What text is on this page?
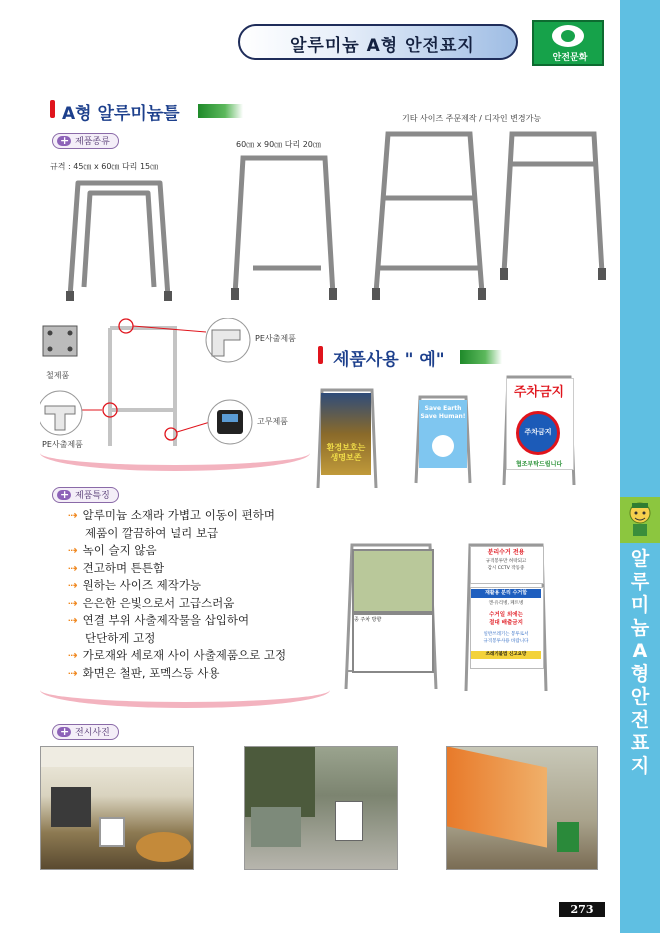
알루미늄 A형 안전표지
안전문화
알
루
미
늄
A
형
안
전
표
지
A형 알루미늄틀
+
제품종류
규격 : 45㎝ x 60㎝ 다리 15㎝
60㎝ x 90㎝ 다리 20㎝
기타 사이즈 주문제작 / 디자인 변경가능
철제품
PE사출제품
PE사출제품
고무제품
제품사용 " 예"
환경보호는 생명보존
Save Earth
Save Human!
주차금지
주차금지
협조부탁드립니다
종 주차 방향
분리수거 전용
규격봉투만 허락되고
감시 CCTV 작동중
재활용 분리 수거함
캔·유리병, 페트병
수거일 외에는
절대 배출금지
일반쓰레기는 봉투로서
규격봉투사용 바랍니다
쓰레기불법 신고요망
+
제품특징
⇢ 알루미늄 소재라 가볍고 이동이 편하며
제품이 깔끔하여 널리 보급
⇢ 녹이 슬지 않음
⇢ 견고하며 튼튼함
⇢ 원하는 사이즈 제작가능
⇢ 은은한 은빛으로서 고급스러움
⇢ 연결 부위 사출제작물을 삽입하여
단단하게 고정
⇢ 가로재와 세로재 사이 사출제품으로 고정
⇢ 화면은 철판, 포멕스등 사용
+
전시사진
273
